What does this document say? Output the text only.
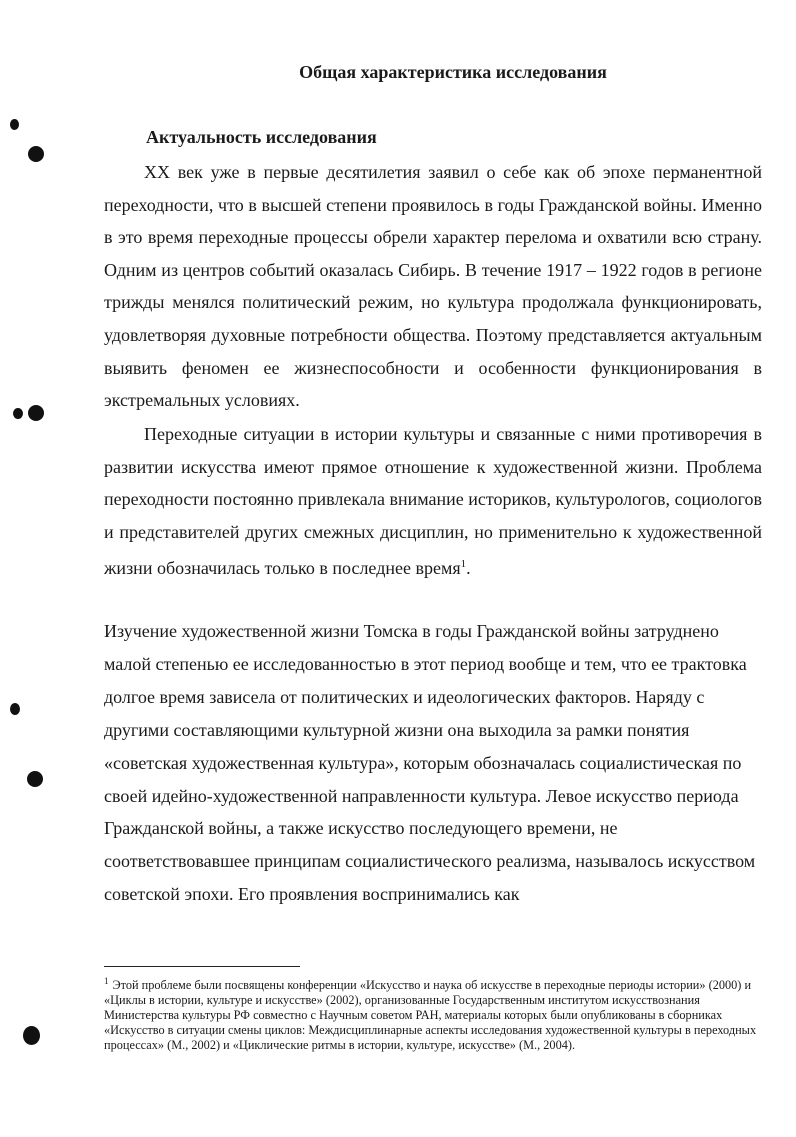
Общая характеристика исследования
Актуальность исследования

XX век уже в первые десятилетия заявил о себе как об эпохе перманентной переходности, что в высшей степени проявилось в годы Гражданской войны. Именно в это время переходные процессы обрели характер перелома и охватили всю страну. Одним из центров событий оказалась Сибирь. В течение 1917 – 1922 годов в регионе трижды менялся политический режим, но культура продолжала функционировать, удовлетворяя духовные потребности общества. Поэтому представляется актуальным выявить феномен ее жизнеспособности и особенности функционирования в экстремальных условиях.

Переходные ситуации в истории культуры и связанные с ними противоречия в развитии искусства имеют прямое отношение к художественной жизни. Проблема переходности постоянно привлекала внимание историков, культурологов, социологов и представителей других смежных дисциплин, но применительно к художественной жизни обозначилась только в последнее время$^1$.

Изучение художественной жизни Томска в годы Гражданской войны затруднено малой степенью ее исследованностью в этот период вообще и тем, что ее трактовка долгое время зависела от политических и идеологических факторов. Наряду с другими составляющими культурной жизни она выходила за рамки понятия «советская художественная культура», которым обозначалась социалистическая по своей идейно-художественной направленности культура. Левое искусство периода Гражданской войны, а также искусство последующего времени, не соответствовавшее принципам социалистического реализма, называлось искусством советской эпохи. Его проявления воспринимались как

$^1$ Этой проблеме были посвящены конференции «Искусство и наука об искусстве в переходные периоды истории» (2000) и «Циклы в истории, культуре и искусстве» (2002), организованные Государственным институтом искусствознания Министерства культуры РФ совместно с Научным советом РАН, материалы которых были опубликованы в сборниках «Искусство в ситуации смены циклов: Междисциплинарные аспекты исследования художественной культуры в переходных процессах» (М., 2002) и «Циклические ритмы в истории, культуре, искусстве» (М., 2004).
